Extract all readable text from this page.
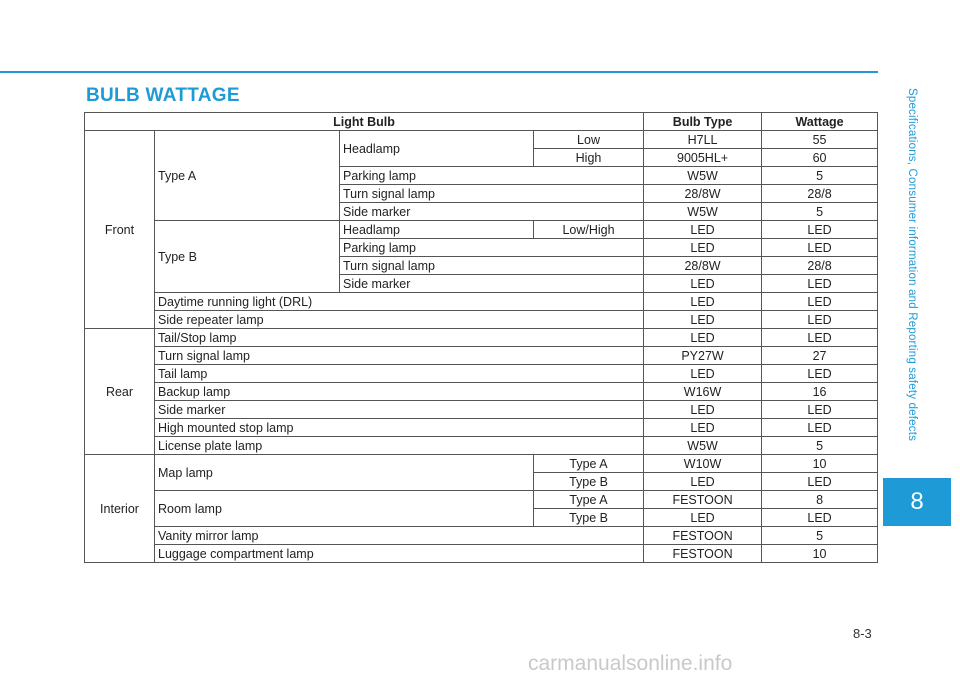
Specifications, Consumer information and Reporting safety defects
8
BULB WATTAGE
Light Bulb				Bulb Type	Wattage
Front	Type A	Headlamp	Low	H7LL	55
			High	9005HL+	60
		Parking lamp		W5W	5
		Turn signal lamp		28/8W	28/8
		Side marker		W5W	5
	Type B	Headlamp	Low/High	LED	LED
		Parking lamp		LED	LED
		Turn signal lamp		28/8W	28/8
		Side marker		LED	LED
	Daytime running light (DRL)			LED	LED
	Side repeater lamp			LED	LED
Rear	Tail/Stop lamp			LED	LED
	Turn signal lamp			PY27W	27
	Tail lamp			LED	LED
	Backup lamp			W16W	16
	Side marker			LED	LED
	High mounted stop lamp			LED	LED
	License plate lamp			W5W	5
Interior	Map lamp		Type A	W10W	10
			Type B	LED	LED
	Room lamp		Type A	FESTOON	8
			Type B	LED	LED
	Vanity mirror lamp			FESTOON	5
	Luggage compartment lamp			FESTOON	10
8-3
carmanualsonline.info
